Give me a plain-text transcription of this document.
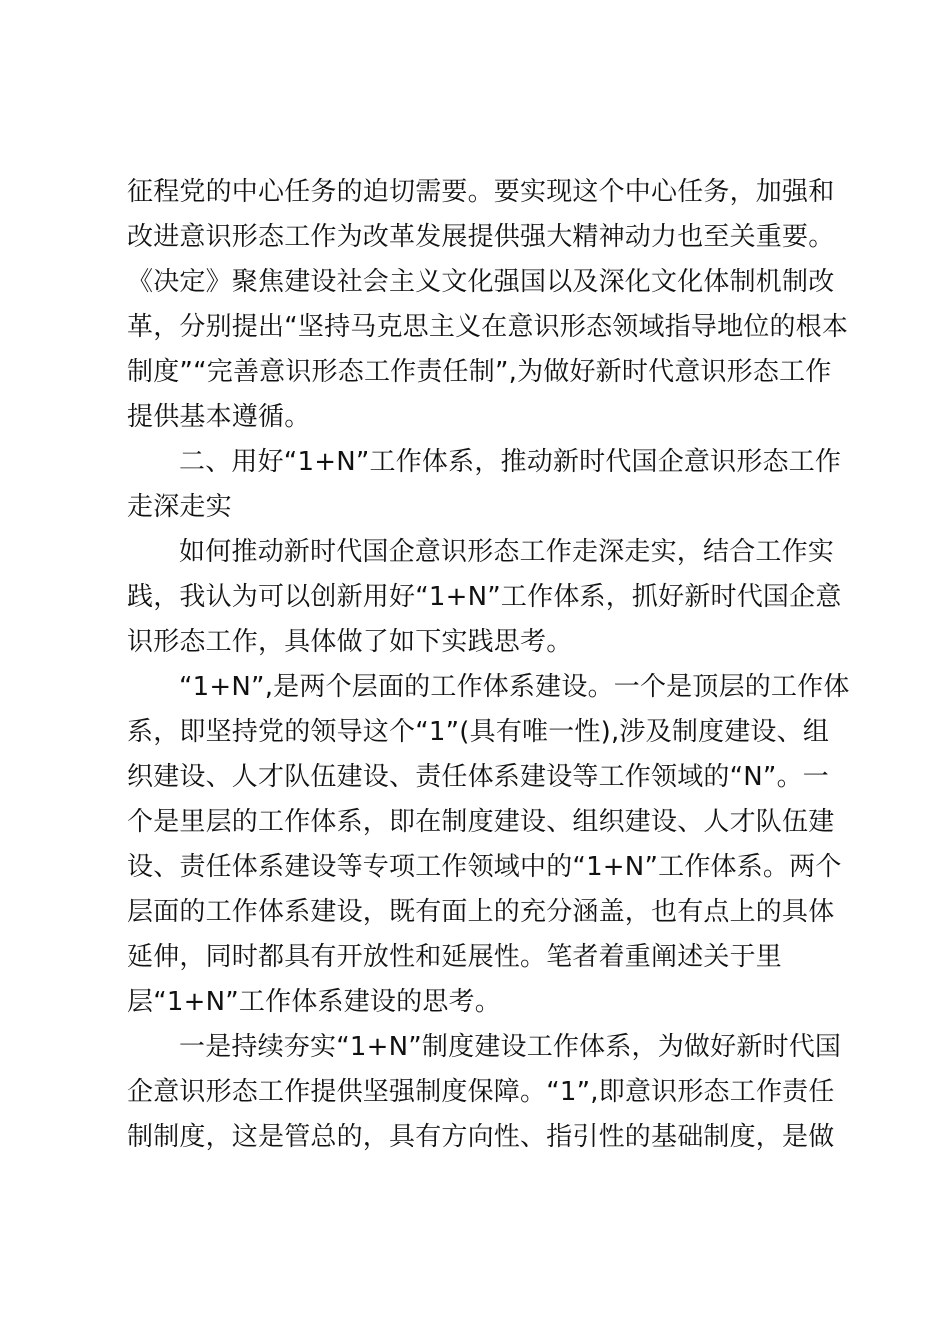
征程党的中心任务的迫切需要。要实现这个中心任务，加强和
改进意识形态工作为改革发展提供强大精神动力也至关重要。
《决定》聚焦建设社会主义文化强国以及深化文化体制机制改
革，分别提出“坚持马克思主义在意识形态领域指导地位的根本
制度”“完善意识形态工作责任制”,为做好新时代意识形态工作
提供基本遵循。
二、用好“1+N”工作体系，推动新时代国企意识形态工作
走深走实
如何推动新时代国企意识形态工作走深走实，结合工作实
践，我认为可以创新用好“1+N”工作体系，抓好新时代国企意
识形态工作，具体做了如下实践思考。
“1+N”,是两个层面的工作体系建设。一个是顶层的工作体
系，即坚持党的领导这个“1”(具有唯一性),涉及制度建设、组
织建设、人才队伍建设、责任体系建设等工作领域的“N”。一
个是里层的工作体系，即在制度建设、组织建设、人才队伍建
设、责任体系建设等专项工作领域中的“1+N”工作体系。两个
层面的工作体系建设，既有面上的充分涵盖，也有点上的具体
延伸，同时都具有开放性和延展性。笔者着重阐述关于里
层“1+N”工作体系建设的思考。
一是持续夯实“1+N”制度建设工作体系，为做好新时代国
企意识形态工作提供坚强制度保障。“1”,即意识形态工作责任
制制度，这是管总的，具有方向性、指引性的基础制度，是做
